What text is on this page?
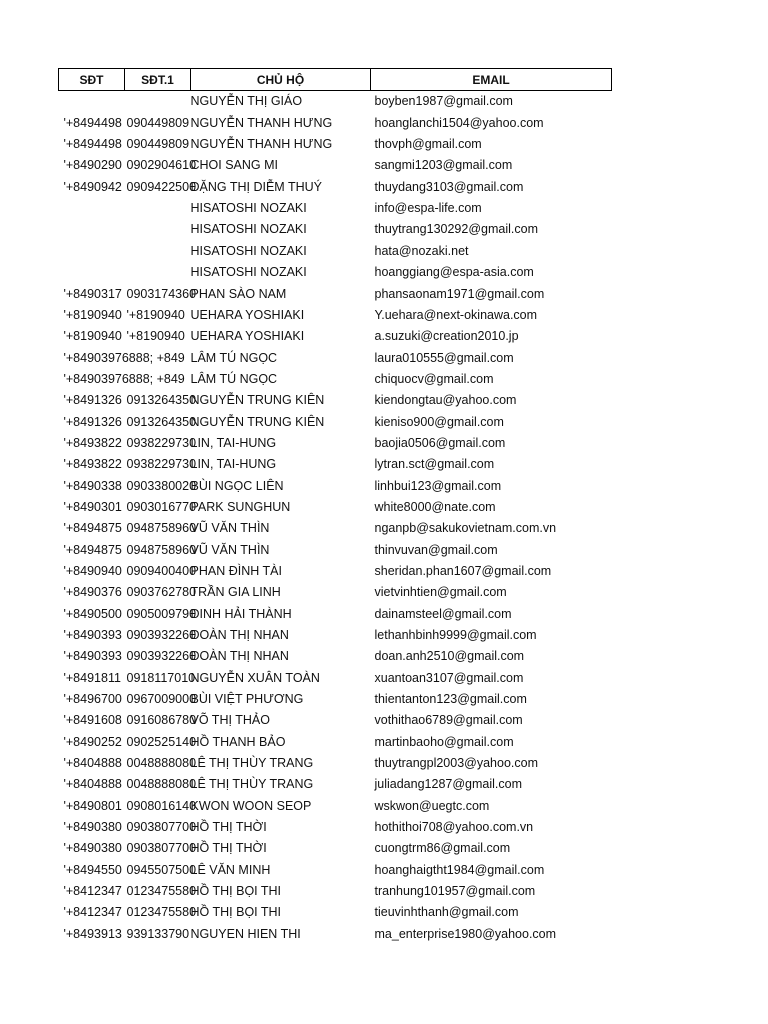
SĐT	SĐT.1	CHỦ HỘ	EMAIL
		NGUYỄN THỊ GIÁO	boyben1987@gmail.com
'+8494498	090449809	NGUYỄN THANH HƯNG	hoanglanchi1504@yahoo.com
'+8494498	090449809	NGUYỄN THANH HƯNG	thovph@gmail.com
'+8490290	0902904610	CHOI SANG MI	sangmi1203@gmail.com
'+8490942	0909422500	ĐẶNG THỊ DIỄM THUÝ	thuydang3103@gmail.com
		HISATOSHI NOZAKI	info@espa-life.com
		HISATOSHI NOZAKI	thuytrang130292@gmail.com
		HISATOSHI NOZAKI	hata@nozaki.net
		HISATOSHI NOZAKI	hoanggiang@espa-asia.com
'+8490317	0903174360	PHAN SÀO NAM	phansaonam1971@gmail.com
'+8190940	'+8190940	UEHARA YOSHIAKI	Y.uehara@next-okinawa.com
'+8190940	'+8190940	UEHARA YOSHIAKI	a.suzuki@creation2010.jp
'+84903976888; +849		LÂM TÚ NGỌC	laura010555@gmail.com
'+84903976888; +849		LÂM TÚ NGỌC	chiquocv@gmail.com
'+8491326	0913264350	NGUYỄN TRUNG KIÊN	kiendongtau@yahoo.com
'+8491326	0913264350	NGUYỄN TRUNG KIÊN	kieniso900@gmail.com
'+8493822	0938229730	LIN, TAI-HUNG	baojia0506@gmail.com
'+8493822	0938229730	LIN, TAI-HUNG	lytran.sct@gmail.com
'+8490338	0903380020	BÙI NGỌC LIÊN	linhbui123@gmail.com
'+8490301	0903016770	PARK SUNGHUN	white8000@nate.com
'+8494875	0948758960	VŨ VĂN THÌN	nganpb@sakukovietnam.com.vn
'+8494875	0948758960	VŨ VĂN THÌN	thinvuvan@gmail.com
'+8490940	0909400400	PHAN ĐÌNH TÀI	sheridan.phan1607@gmail.com
'+8490376	0903762780	TRẦN GIA LINH	vietvinhtien@gmail.com
'+8490500	0905009790	ĐINH HẢI THÀNH	dainamsteel@gmail.com
'+8490393	0903932260	ĐOÀN THỊ NHAN	lethanhbinh9999@gmail.com
'+8490393	0903932260	ĐOÀN THỊ NHAN	doan.anh2510@gmail.com
'+8491811	0918117010	NGUYỄN XUÂN TOÀN	xuantoan3107@gmail.com
'+8496700	0967009000	BÙI VIỆT PHƯƠNG	thientanton123@gmail.com
'+8491608	0916086780	VÕ THỊ THẢO	vothithao6789@gmail.com
'+8490252	0902525140	HỒ THANH BẢO	martinbaoho@gmail.com
'+8404888	0048888080	LÊ THỊ THÙY TRANG	thuytrangpl2003@yahoo.com
'+8404888	0048888080	LÊ THỊ THÙY TRANG	juliadang1287@gmail.com
'+8490801	0908016140	KWON WOON SEOP	wskwon@uegtc.com
'+8490380	0903807700	HỒ THỊ THỜI	hothithoi708@yahoo.com.vn
'+8490380	0903807700	HỒ THỊ THỜI	cuongtrm86@gmail.com
'+8494550	0945507500	LÊ VĂN MINH	hoanghaigtht1984@gmail.com
'+8412347	0123475580	HỒ THỊ BỌI THI	tranhung101957@gmail.com
'+8412347	0123475580	HỒ THỊ BỌI THI	tieuvinhthanh@gmail.com
'+8493913	939133790	NGUYEN HIEN THI	ma_enterprise1980@yahoo.com
